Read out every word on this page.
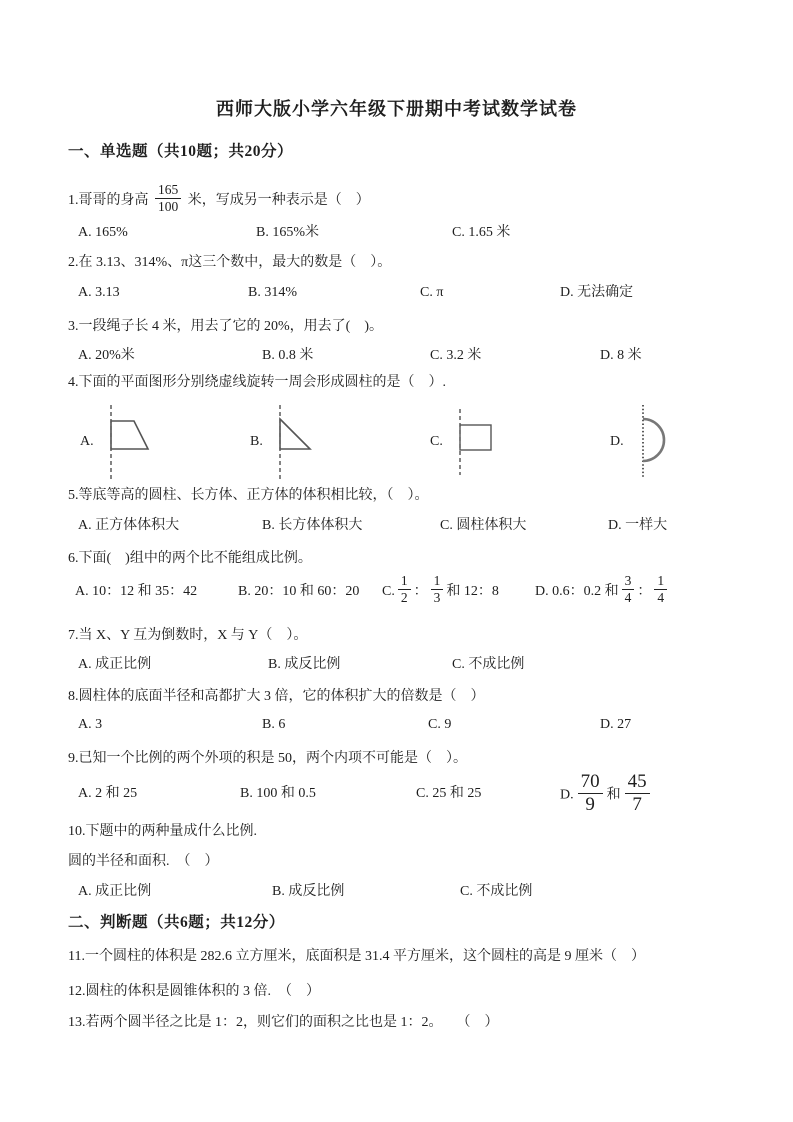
西师大版小学六年级下册期中考试数学试卷
一、单选题（共10题；共20分）
1.哥哥的身高 $\frac{165}{100}$ 米，写成另一种表示是（　）
A. 165%	B. 165%米	C. 1.65 米
2.在 3.13、314%、π这三个数中，最大的数是（　）。
A. 3.13	B. 314%	C. π	D. 无法确定
3.一段绳子长 4 米，用去了它的 20%，用去了(　)。
A. 20%米	B. 0.8 米	C. 3.2 米	D. 8 米
4.下面的平面图形分别绕虚线旋转一周会形成圆柱的是（　）.
A.	B.	C.	D.
5.等底等高的圆柱、长方体、正方体的体积相比较，（　）。
A. 正方体体积大	B. 长方体体积大	C. 圆柱体积大	D. 一样大
6.下面(　)组中的两个比不能组成比例。
A. 10：12 和 35：42	B. 20：10 和 60：20 C. $\frac{1}{2}$ ： $\frac{1}{3}$ 和 12：8	D. 0.6：0.2 和 $\frac{3}{4}$ ： $\frac{1}{4}$
7.当 X、Y 互为倒数时，X 与 Y（　）。
A. 成正比例	B. 成反比例	C. 不成比例
8.圆柱体的底面半径和高都扩大 3 倍，它的体积扩大的倍数是（　）
A. 3	B. 6	C. 9	D. 27
9.已知一个比例的两个外项的积是 50，两个内项不可能是（　）。
A. 2 和 25	B. 100 和 0.5	C. 25 和 25	D. $\frac{70}{9}$ 和 $\frac{45}{7}$
10.下题中的两种量成什么比例.
圆的半径和面积.　（　）
A. 成正比例	B. 成反比例	C. 不成比例
二、判断题（共6题；共12分）
11.一个圆柱的体积是 282.6 立方厘米，底面积是 31.4 平方厘米，这个圆柱的高是 9 厘米（　）
12.圆柱的体积是圆锥体积的 3 倍.　（　）
13.若两个圆半径之比是 1：2，则它们的面积之比也是 1：2。　　（　）
